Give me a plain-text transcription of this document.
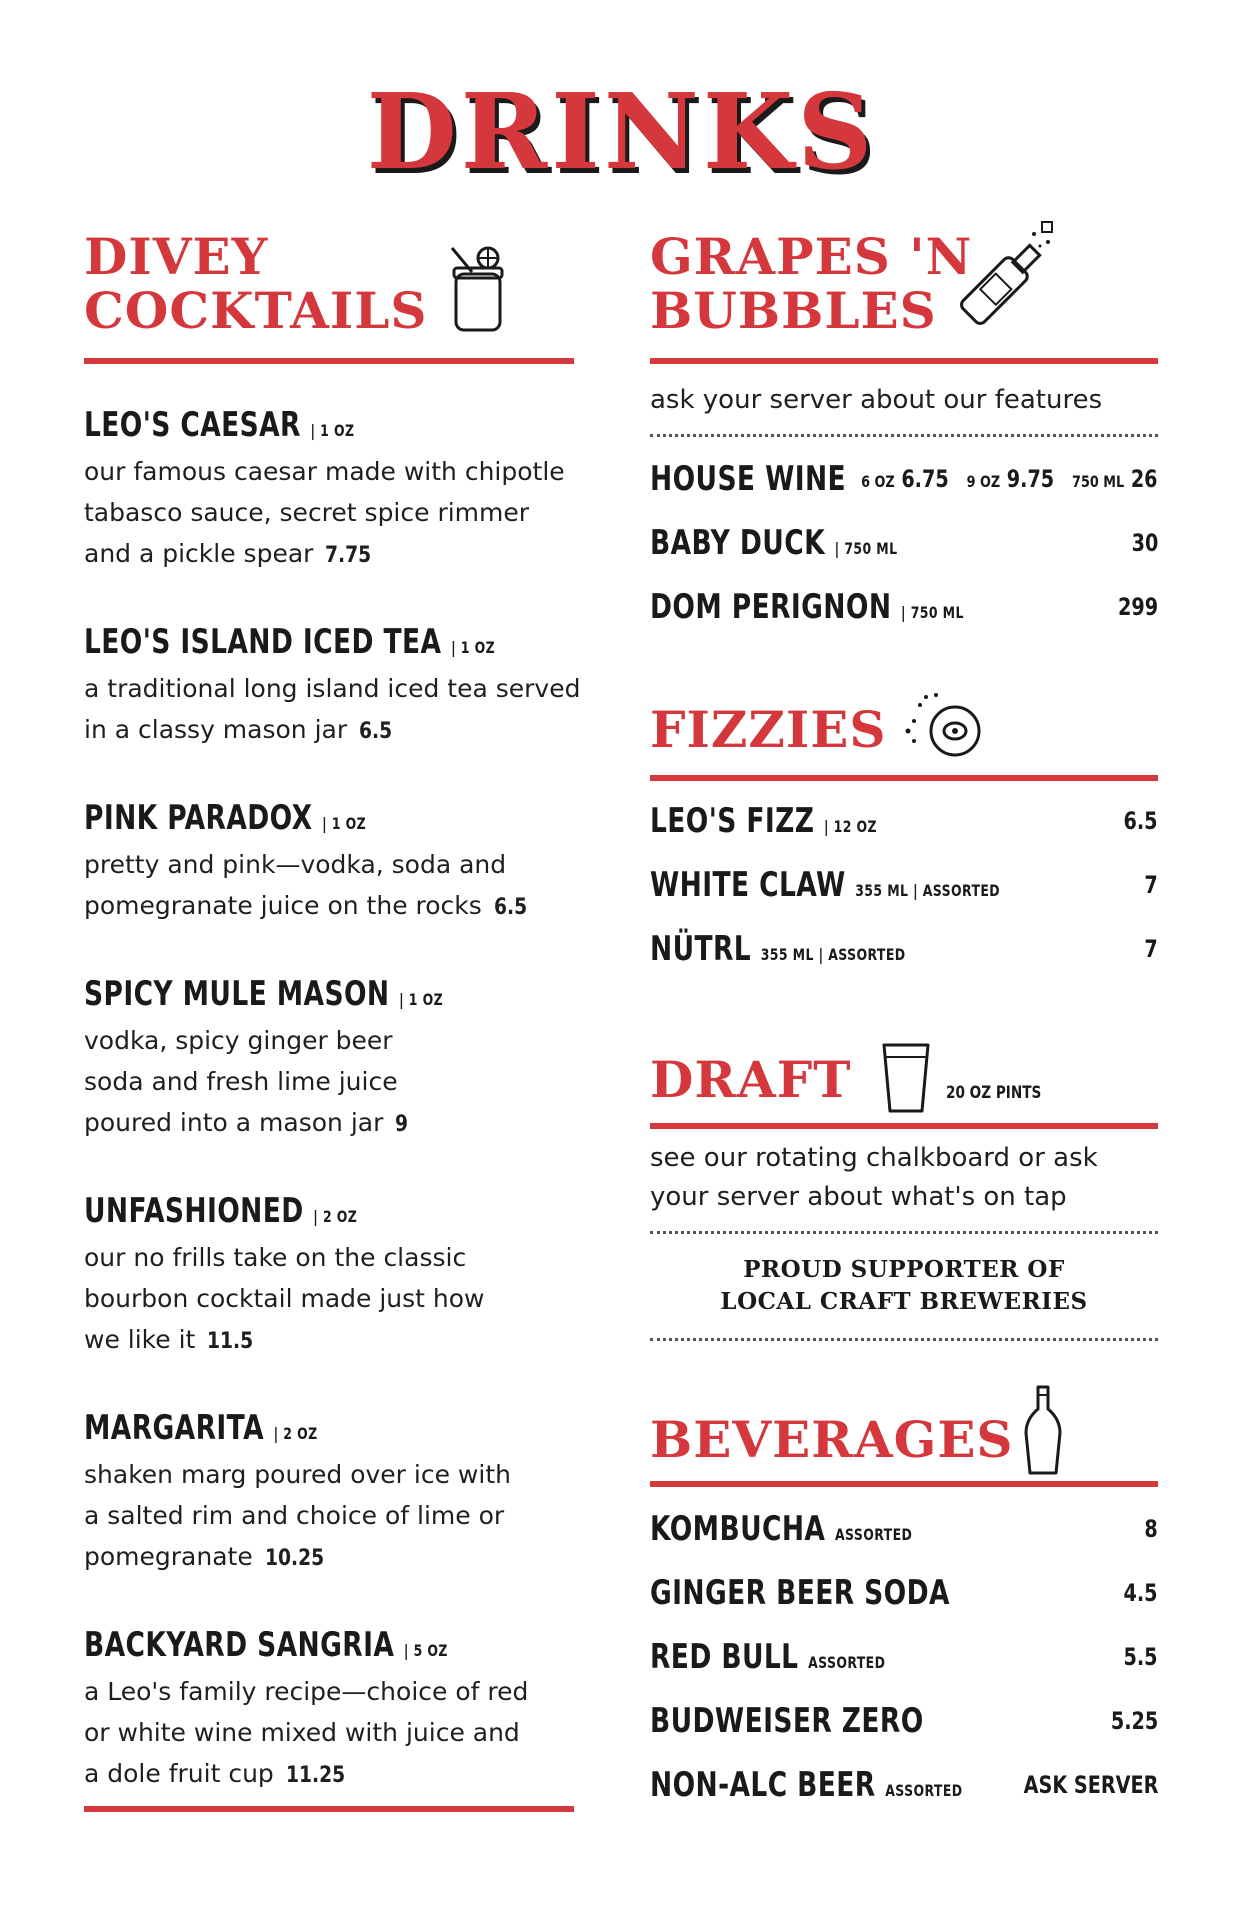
DRINKS
DIVEY
COCKTAILS
LEO'S CAESAR | 1 OZ
our famous caesar made with chipotle tabasco sauce, secret spice rimmer and a pickle spear 7.75
LEO'S ISLAND ICED TEA | 1 OZ
a traditional long island iced tea served in a classy mason jar 6.5
PINK PARADOX | 1 OZ
pretty and pink—vodka, soda and pomegranate juice on the rocks 6.5
SPICY MULE MASON | 1 OZ
vodka, spicy ginger beer soda and fresh lime juice poured into a mason jar 9
UNFASHIONED | 2 OZ
our no frills take on the classic bourbon cocktail made just how we like it 11.5
MARGARITA | 2 OZ
shaken marg poured over ice with a salted rim and choice of lime or pomegranate 10.25
BACKYARD SANGRIA | 5 OZ
a Leo's family recipe—choice of red or white wine mixed with juice and a dole fruit cup 11.25
GRAPES 'N
BUBBLES
ask your server about our features
HOUSE WINE 6 OZ 6.75 9 OZ 9.75 750 ML 26
BABY DUCK | 750 ML	30
DOM PERIGNON | 750 ML	299
FIZZIES
LEO'S FIZZ | 12 OZ	6.5
WHITE CLAW 355 ML | ASSORTED	7
NÜTRL 355 ML | ASSORTED	7
DRAFT	20 OZ PINTS
see our rotating chalkboard or ask your server about what's on tap
PROUD SUPPORTER OF
LOCAL CRAFT BREWERIES
BEVERAGES
KOMBUCHA ASSORTED	8
GINGER BEER SODA	4.5
RED BULL ASSORTED	5.5
BUDWEISER ZERO	5.25
NON-ALC BEER ASSORTED	ASK SERVER
